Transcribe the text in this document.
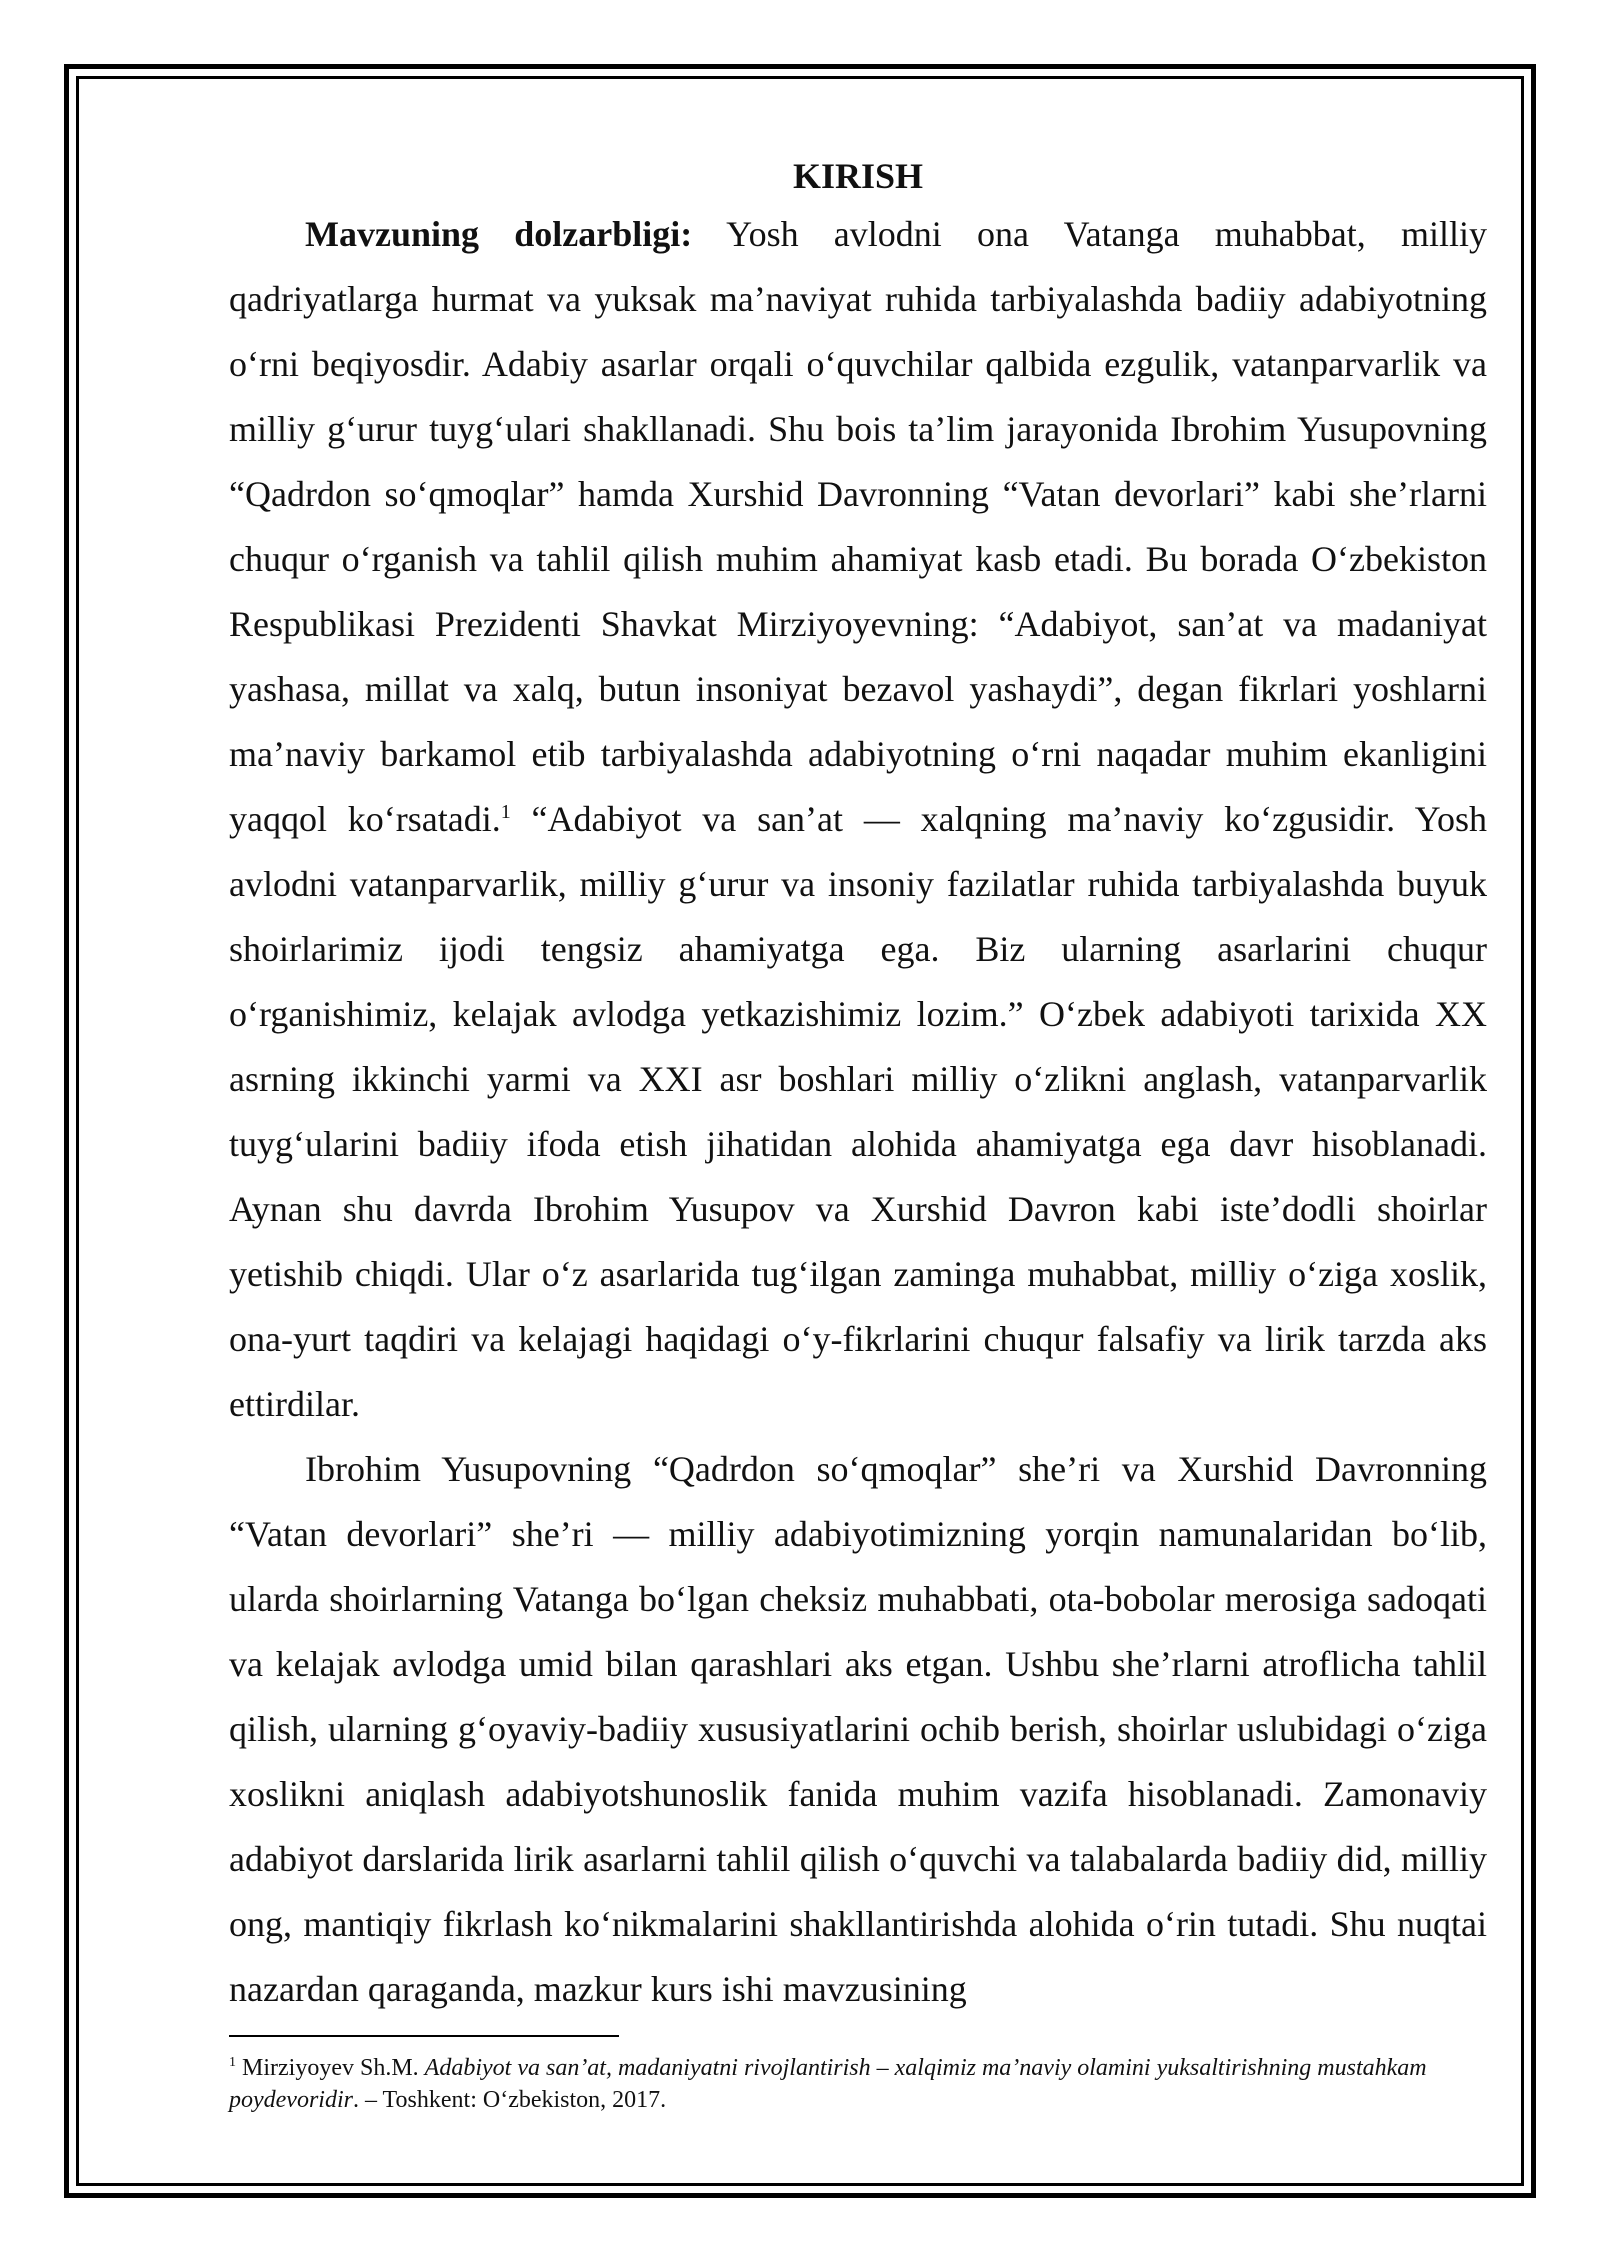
KIRISH

Mavzuning dolzarbligi: Yosh avlodni ona Vatanga muhabbat, milliy qadriyatlarga hurmat va yuksak ma’naviyat ruhida tarbiyalashda badiiy adabiyotning o‘rni beqiyosdir. Adabiy asarlar orqali o‘quvchilar qalbida ezgulik, vatanparvarlik va milliy g‘urur tuyg‘ulari shakllanadi. Shu bois ta’lim jarayonida Ibrohim Yusupovning “Qadrdon so‘qmoqlar” hamda Xurshid Davronning “Vatan devorlari” kabi she’rlarni chuqur o‘rganish va tahlil qilish muhim ahamiyat kasb etadi. Bu borada O‘zbekiston Respublikasi Prezidenti Shavkat Mirziyoyevning: “Adabiyot, san’at va madaniyat yashasa, millat va xalq, butun insoniyat bezavol yashaydi”, degan fikrlari yoshlarni ma’naviy barkamol etib tarbiyalashda adabiyotning o‘rni naqadar muhim ekanligini yaqqol ko‘rsatadi.$^1$ “Adabiyot va san’at — xalqning ma’naviy ko‘zgusidir. Yosh avlodni vatanparvarlik, milliy g‘urur va insoniy fazilatlar ruhida tarbiyalashda buyuk shoirlarimiz ijodi tengsiz ahamiyatga ega. Biz ularning asarlarini chuqur o‘rganishimiz, kelajak avlodga yetkazishimiz lozim.” O‘zbek adabiyoti tarixida XX asrning ikkinchi yarmi va XXI asr boshlari milliy o‘zlikni anglash, vatanparvarlik tuyg‘ularini badiiy ifoda etish jihatidan alohida ahamiyatga ega davr hisoblanadi. Aynan shu davrda Ibrohim Yusupov va Xurshid Davron kabi iste’dodli shoirlar yetishib chiqdi. Ular o‘z asarlarida tug‘ilgan zaminga muhabbat, milliy o‘ziga xoslik, ona-yurt taqdiri va kelajagi haqidagi o‘y-fikrlarini chuqur falsafiy va lirik tarzda aks ettirdilar.

Ibrohim Yusupovning “Qadrdon so‘qmoqlar” she’ri va Xurshid Davronning “Vatan devorlari” she’ri — milliy adabiyotimizning yorqin namunalaridan bo‘lib, ularda shoirlarning Vatanga bo‘lgan cheksiz muhabbati, ota-bobolar merosiga sadoqati va kelajak avlodga umid bilan qarashlari aks etgan. Ushbu she’rlarni atroflicha tahlil qilish, ularning g‘oyaviy-badiiy xususiyatlarini ochib berish, shoirlar uslubidagi o‘ziga xoslikni aniqlash adabiyotshunoslik fanida muhim vazifa hisoblanadi. Zamonaviy adabiyot darslarida lirik asarlarni tahlil qilish o‘quvchi va talabalarda badiiy did, milliy ong, mantiqiy fikrlash ko‘nikmalarini shakllantirishda alohida o‘rin tutadi. Shu nuqtai nazardan qaraganda, mazkur kurs ishi mavzusining

$^1$ Mirziyoyev Sh.M. Adabiyot va san’at, madaniyatni rivojlantirish – xalqimiz ma’naviy olamini yuksaltirishning mustahkam poydevoridir. – Toshkent: O‘zbekiston, 2017.
